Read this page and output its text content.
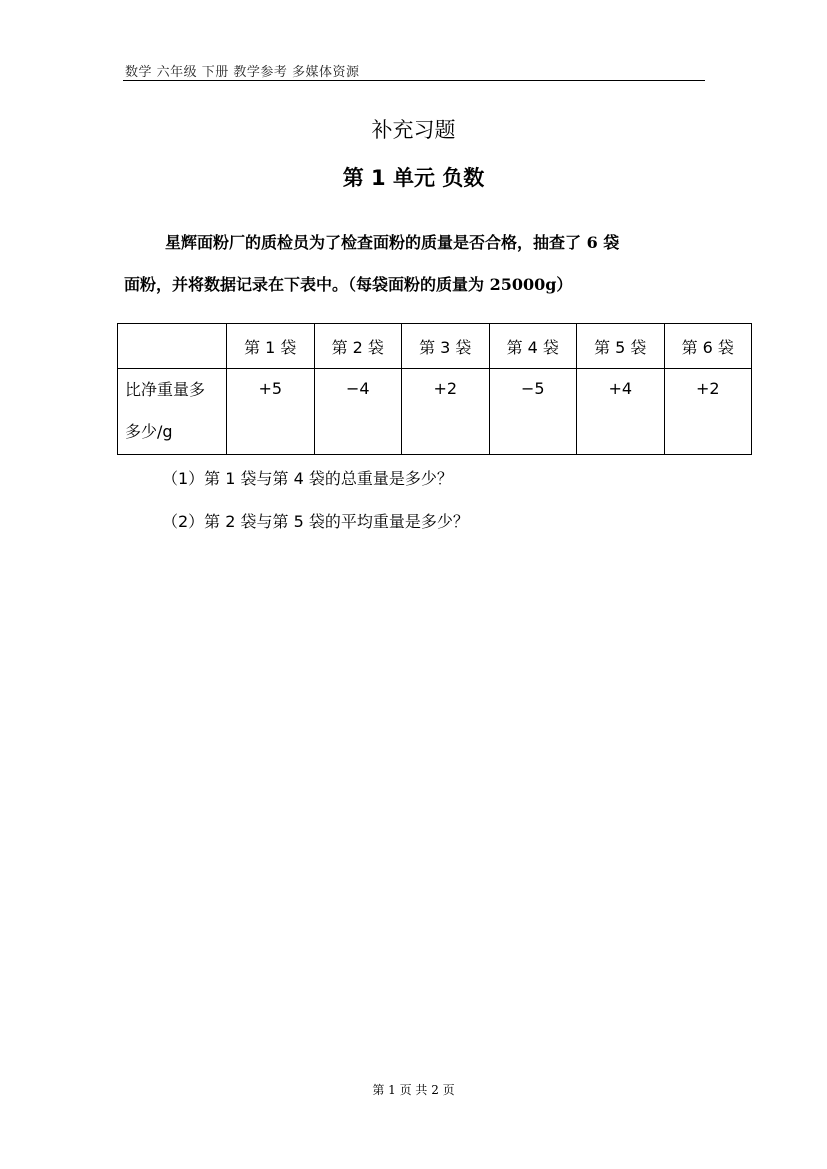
数学 六年级 下册 教学参考 多媒体资源
补充习题
第 1 单元 负数
星辉面粉厂的质检员为了检查面粉的质量是否合格，抽查了 6 袋
面粉，并将数据记录在下表中。（每袋面粉的质量为 25000g）
	第 1 袋	第 2 袋	第 3 袋	第 4 袋	第 5 袋	第 6 袋

比净重量多
多少/g	+5	−4	+2	−5	+4	+2
（1）第 1 袋与第 4 袋的总重量是多少？
（2）第 2 袋与第 5 袋的平均重量是多少？
第 1 页 共 2 页
